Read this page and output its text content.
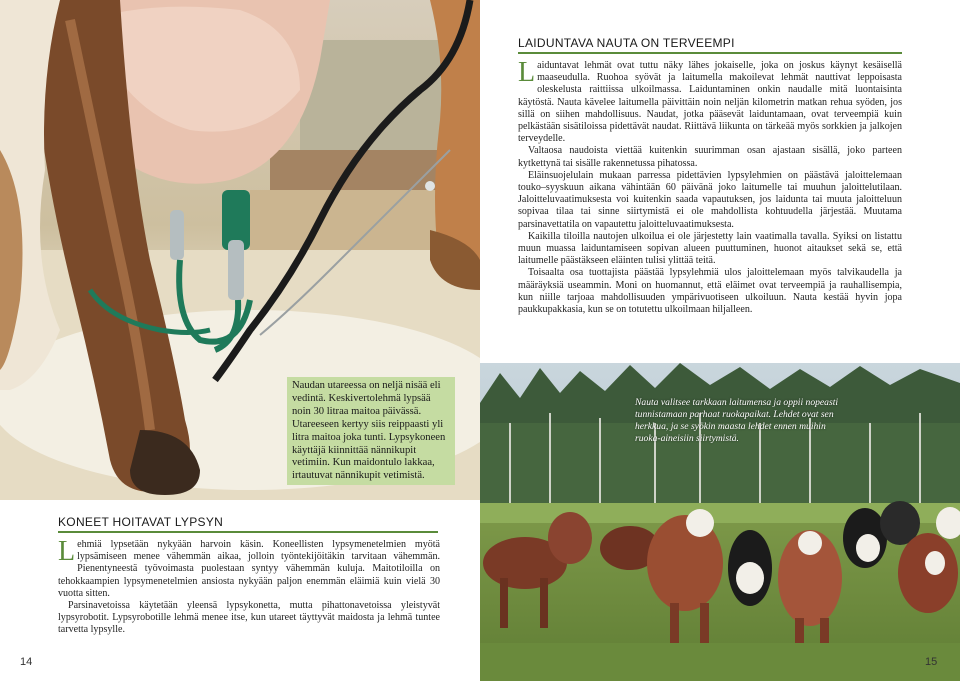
Naudan utareessa on neljä nisää eli vedintä. Keskivertolehmä lypsää noin 30 litraa maitoa päivässä. Utareeseen kertyy siis reippaasti yli litra maitoa joka tunti. Lypsykoneen käyttäjä kiinnittää nännikupit vetimiin. Kun maidontulo lakkaa, irtautuvat nännikupit vetimistä.
LAIDUNTAVA NAUTA ON TERVEEMPI

Laiduntavat lehmät ovat tuttu näky lähes jokaiselle, joka on joskus käynyt kesäisellä maaseudulla. Ruohoa syövät ja laitumella makoilevat lehmät nauttivat leppoisasta oleskelusta raittiissa ulkoilmassa. Laiduntaminen onkin naudalle mitä luontaisinta käytöstä. Nauta kävelee laitumella päivittäin noin neljän kilometrin matkan rehua syöden, jos sillä on siihen mahdollisuus. Naudat, jotka pääsevät laiduntamaan, ovat terveempiä kuin pelkästään sisätiloissa pidettävät naudat. Riittävä liikunta on tärkeää myös sorkkien ja jalkojen terveydelle.

Valtaosa naudoista viettää kuitenkin suurimman osan ajastaan sisällä, joko parteen kytkettynä tai sisälle rakennetussa pihatossa.

Eläinsuojelulain mukaan parressa pidettävien lypsylehmien on päästävä jaloittelemaan touko–syyskuun aikana vähintään 60 päivänä joko laitumelle tai muuhun jaloittelutilaan. Jaloitteluvaatimuksesta voi kuitenkin saada vapautuksen, jos laidunta tai muuta jaloitteluun sopivaa tilaa tai sinne siirtymistä ei ole mahdollista kohtuudella järjestää. Muutama parsinavettatila on vapautettu jaloitteluvaatimuksesta.

Kaikilla tiloilla nautojen ulkoilua ei ole järjestetty lain vaatimalla tavalla. Syiksi on listattu muun muassa laiduntamiseen sopivan alueen puuttuminen, huonot aitaukset sekä se, että laitumelle päästäkseen eläinten tulisi ylittää teitä.

Toisaalta osa tuottajista päästää lypsylehmiä ulos jaloittelemaan myös talvikaudella ja määräyksiä useammin. Moni on huomannut, että eläimet ovat terveempiä ja rauhallisempia, kun niille tarjoaa mahdollisuuden ympärivuotiseen ulkoiluun. Nauta kestää hyvin jopa paukkupakkasia, kun se on totutettu ulkoilmaan hiljalleen.

Nauta valitsee tarkkaan laitumensa ja oppii nopeasti tunnistamaan parhaat ruokapaikat. Lehdet ovat sen herkkua, ja se syökin maasta lehdet ennen muihin ruoka-aineisiin siirtymistä.
KONEET HOITAVAT LYPSYN

Lehmiä lypsetään nykyään harvoin käsin. Koneellisten lypsymenetelmien myötä lypsämiseen menee vähemmän aikaa, jolloin työntekijöitäkin tarvitaan vähemmän. Pienentyneestä työvoimasta puolestaan syntyy vähemmän kuluja. Maitotiloilla on tehokkaampien lypsymenetelmien ansiosta nykyään paljon enemmän eläimiä kuin vielä 30 vuotta sitten.

Parsinavetoissa käytetään yleensä lypsykonetta, mutta pihattonavetoissa yleistyvät lypsyrobotit. Lypsyrobotille lehmä menee itse, kun utareet täyttyvät maidosta ja lehmä tuntee tarvetta lypsylle.

14	15
